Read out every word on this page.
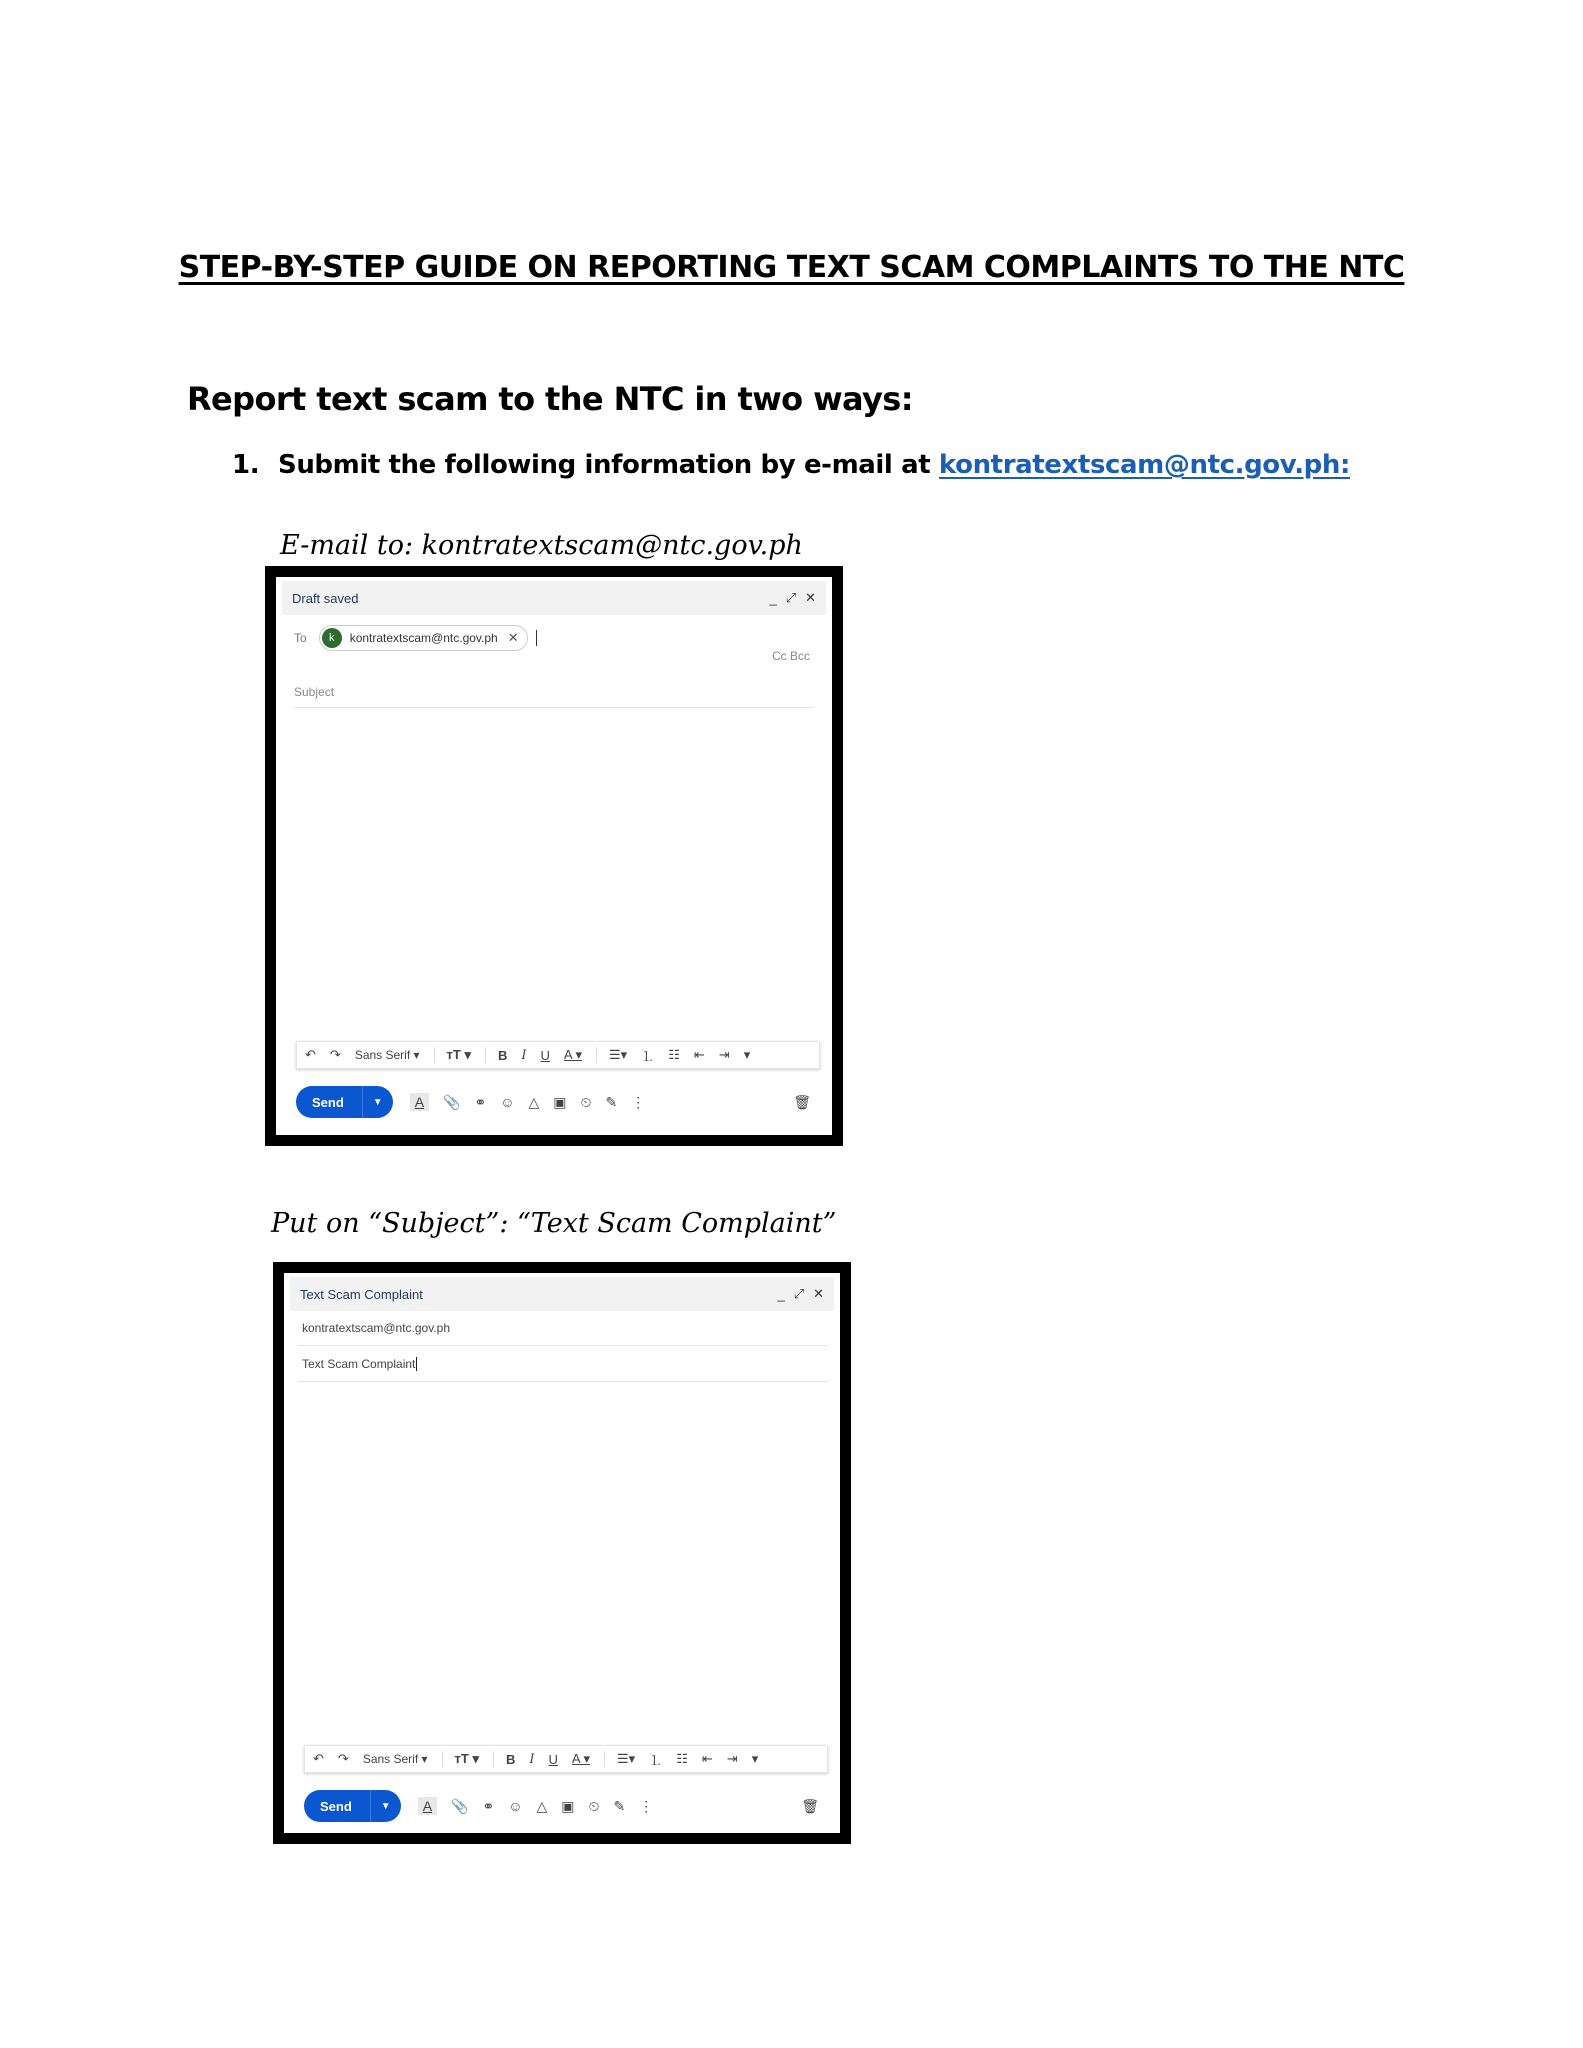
STEP-BY-STEP GUIDE ON REPORTING TEXT SCAM COMPLAINTS TO THE NTC
Report text scam to the NTC in two ways:
1. Submit the following information by e-mail at kontratextscam@ntc.gov.ph:
E-mail to: kontratextscam@ntc.gov.ph
Draft saved	_ ⤢ ✕
To	k	kontratextscam@ntc.gov.ph ✕
Cc Bcc
Subject
↶ ↷ Sans Serif ▾ тT ▾ B I U A ▾ ☰▾ ⒈ ☷ ⇤ ⇥ ▾
Send	▼	A	📎 ⚭ ☺ △ ▣ ⏲ ✎ ⋮	🗑
Put on “Subject”: “Text Scam Complaint”
Text Scam Complaint	_ ⤢ ✕
kontratextscam@ntc.gov.ph
Text Scam Complaint
↶ ↷ Sans Serif ▾ тT ▾ B I U A ▾ ☰▾ ⒈ ☷ ⇤ ⇥ ▾
Send	▼	A	📎 ⚭ ☺ △ ▣ ⏲ ✎ ⋮	🗑
